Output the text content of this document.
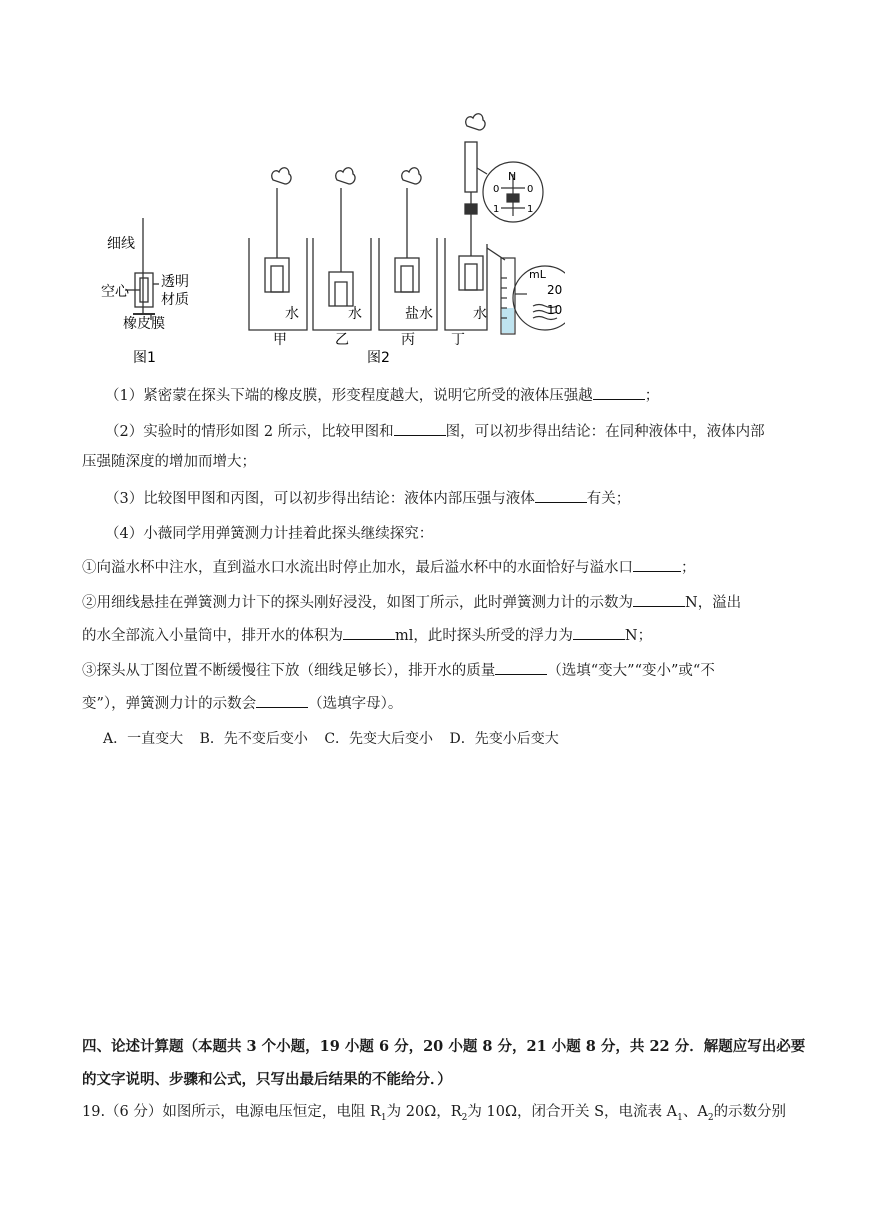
细线
空心
透明
材质
橡皮膜
图1
N
0	0
1	1
mL
20
10
水	水	盐水	水
甲	乙	丙	丁
图2
（1）紧密蒙在探头下端的橡皮膜，形变程度越大，说明它所受的液体压强越	；
（2）实验时的情形如图 2 所示，比较甲图和	图，可以初步得出结论：在同种液体中，液体内部
压强随深度的增加而增大；
（3）比较图甲图和丙图，可以初步得出结论：液体内部压强与液体	有关；
（4）小薇同学用弹簧测力计挂着此探头继续探究：
①向溢水杯中注水，直到溢水口水流出时停止加水，最后溢水杯中的水面恰好与溢水口	；
②用细线悬挂在弹簧测力计下的探头刚好浸没，如图丁所示，此时弹簧测力计的示数为	N，溢出
的水全部流入小量筒中，排开水的体积为	ml，此时探头所受的浮力为	N；
③探头从丁图位置不断缓慢往下放（细线足够长），排开水的质量	（选填“变大”“变小”或“不
变”），弹簧测力计的示数会	（选填字母）。
A．一直变大 B．先不变后变小 C．先变大后变小 D．先变小后变大
四、论述计算题（本题共 3 个小题，19 小题 6 分，20 小题 8 分，21 小题 8 分，共 22 分．解题应写出必要
的文字说明、步骤和公式，只写出最后结果的不能给分．）
19.（6 分）如图所示，电源电压恒定，电阻 $R_1$为 20Ω，$R_2$为 10Ω，闭合开关 S，电流表 $A_1$、$A_2$的示数分别
